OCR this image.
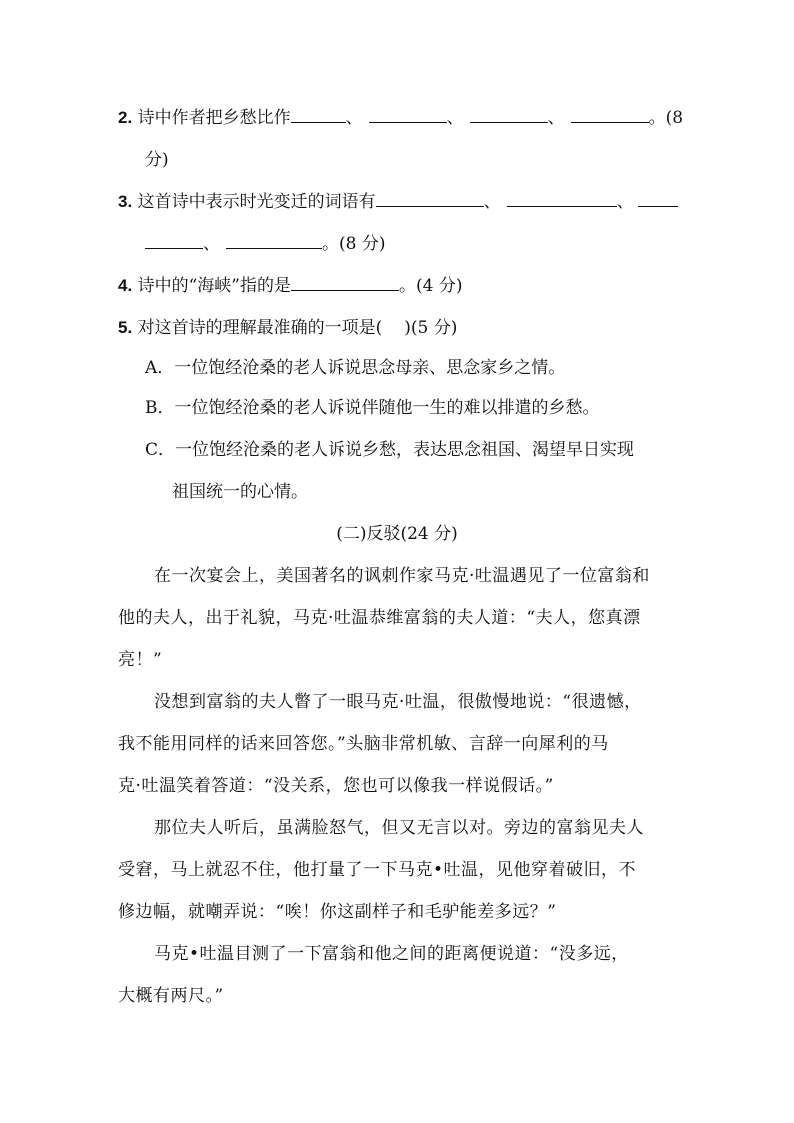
2. 诗中作者把乡愁比作	、	、	、	。(8
分)
3. 这首诗中表示时光变迁的词语有	、	、
、	。(8 分)
4. 诗中的“海峡”指的是	。(4 分)
5. 对这首诗的理解最准确的一项是( )(5 分)
A．一位饱经沧桑的老人诉说思念母亲、思念家乡之情。
B．一位饱经沧桑的老人诉说伴随他一生的难以排遣的乡愁。
C．一位饱经沧桑的老人诉说乡愁，表达思念祖国、渴望早日实现
祖国统一的心情。
(二)反驳(24 分)
在一次宴会上，美国著名的讽刺作家马克·吐温遇见了一位富翁和
他的夫人，出于礼貌，马克·吐温恭维富翁的夫人道：“夫人，您真漂
亮！”
没想到富翁的夫人瞥了一眼马克·吐温，很傲慢地说：“很遗憾，
我不能用同样的话来回答您。”头脑非常机敏、言辞一向犀利的马
克·吐温笑着答道：“没关系，您也可以像我一样说假话。”
那位夫人听后，虽满脸怒气，但又无言以对。旁边的富翁见夫人
受窘，马上就忍不住，他打量了一下马克•吐温，见他穿着破旧，不
修边幅，就嘲弄说：“唉！你这副样子和毛驴能差多远？”
马克•吐温目测了一下富翁和他之间的距离便说道：“没多远，
大概有两尺。”
